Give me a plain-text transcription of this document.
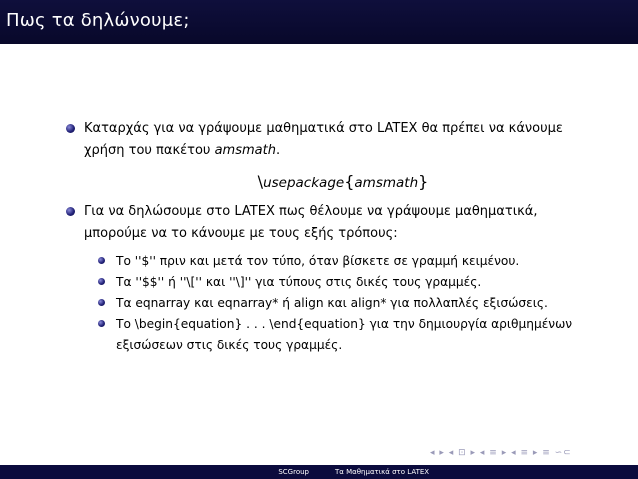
Πως τα δηλώνουμε;
Καταρχάς για να γράψουμε μαθηματικά στο LATEX θα πρέπει να κάνουμε χρήση του πακέτου amsmath.
\usepackage{amsmath}
Για να δηλώσουμε στο LATEX πως θέλουμε να γράψουμε μαθηματικά, μπορούμε να το κάνουμε με τους εξής τρόπους:
Το ''$'' πριν και μετά τον τύπο, όταν βίσκετε σε γραμμή κειμένου.
Τα ''$$'' ή ''\['' και ''\]'' για τύπους στις δικές τους γραμμές.
Τα eqnarray και eqnarray* ή align και align* για πολλαπλές εξισώσεις.
Το \begin{equation} . . . \end{equation} για την δημιουργία αριθμημένων εξισώσεων στις δικές τους γραμμές.
◂ ▸ ◂ ⊡ ▸ ◂ ≡ ▸ ◂ ≡ ▸ ≡ ∽⊂
SCGroup	Τα Μαθηματικά στο LATEX
